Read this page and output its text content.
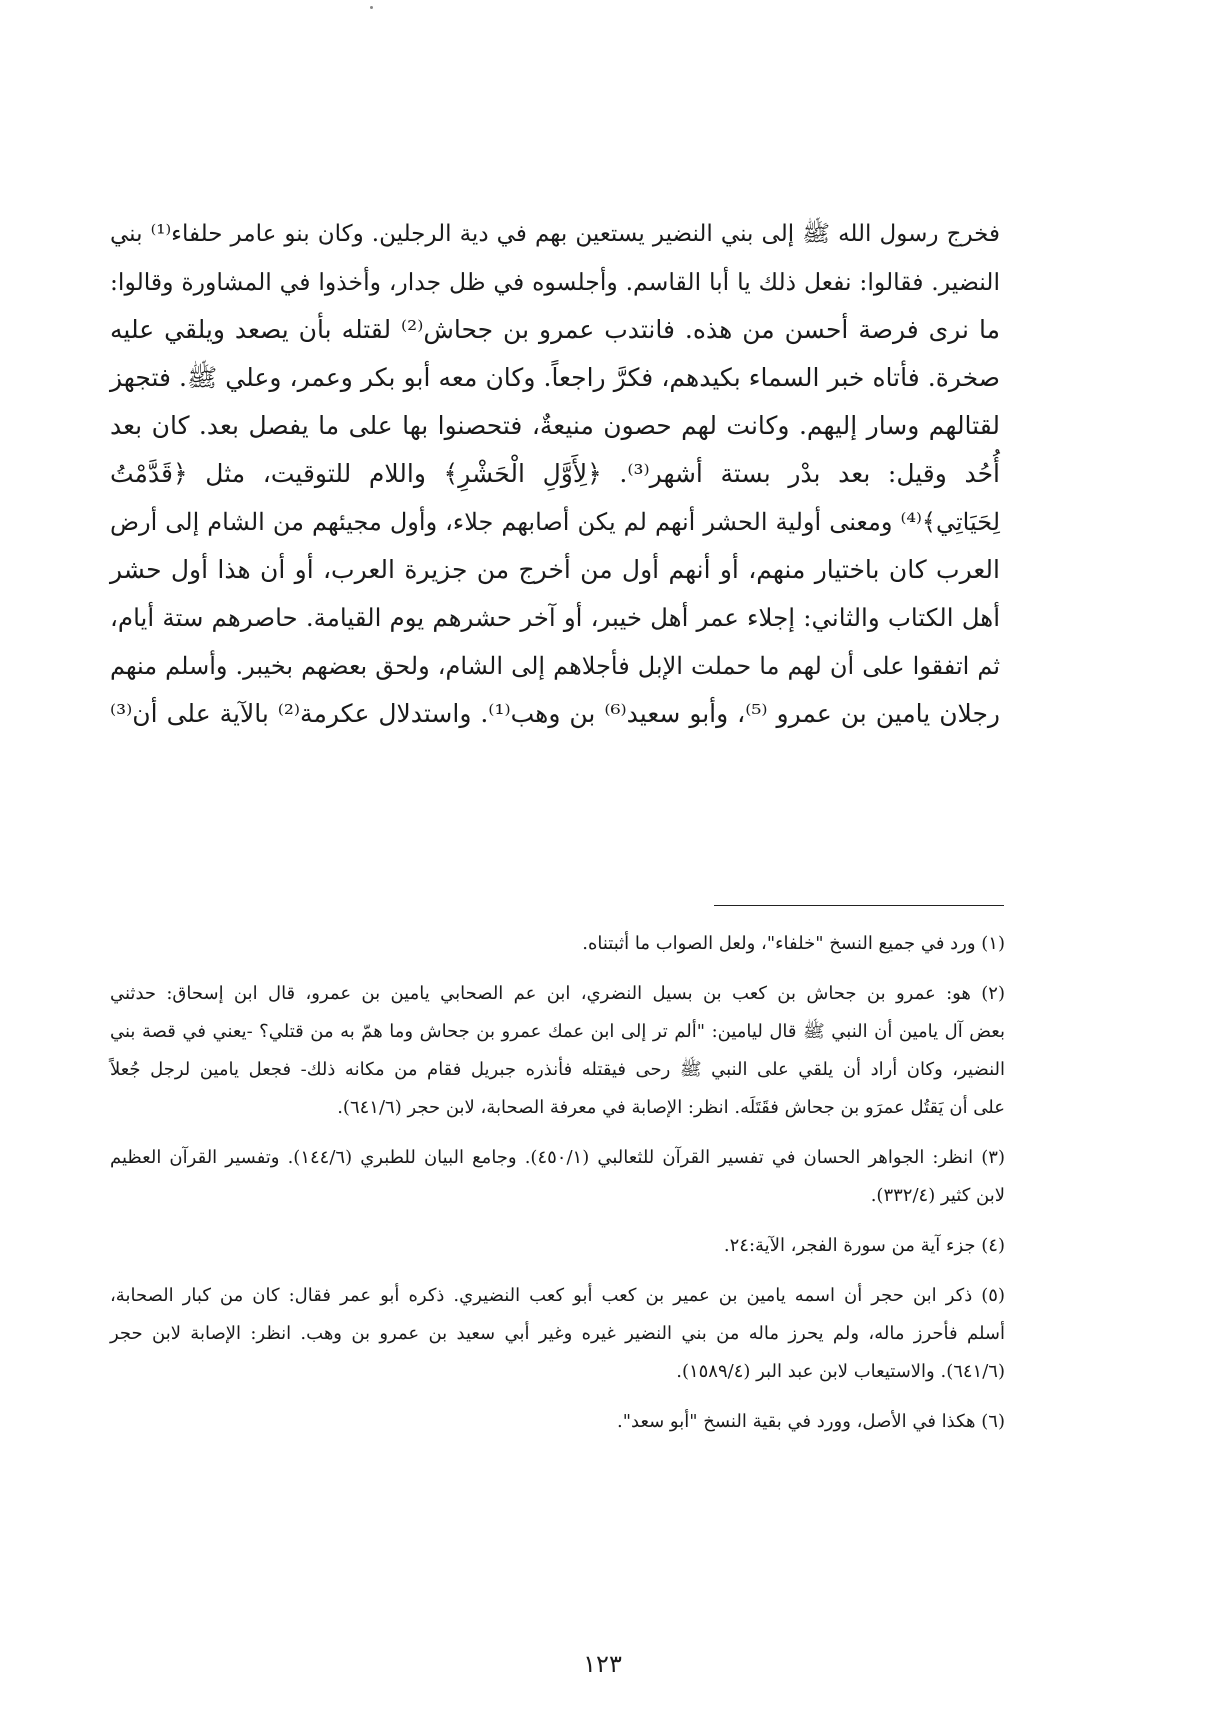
فخرج رسول الله ﷺ إلى بني النضير يستعين بهم في دية الرجلين. وكان بنو عامر حلفاء⁽¹⁾ بني
النضير. فقالوا: نفعل ذلك يا أبا القاسم. وأجلسوه في ظل جدار، وأخذوا في المشاورة وقالوا:
ما نرى فرصة أحسن من هذه. فانتدب عمرو بن جحاش⁽²⁾ لقتله بأن يصعد ويلقي عليه
صخرة. فأتاه خبر السماء بكيدهم، فكرَّ راجعاً. وكان معه أبو بكر وعمر، وعلي ﷺ. فتجهز
لقتالهم وسار إليهم. وكانت لهم حصون منيعةٌ، فتحصنوا بها على ما يفصل بعد. كان بعد
أُحُد وقيل: بعد بدْر بستة أشهر⁽³⁾. ﴿لِأَوَّلِ الْحَشْرِ﴾ واللام للتوقيت، مثل ﴿قَدَّمْتُ
لِحَيَاتِي﴾⁽⁴⁾ ومعنى أولية الحشر أنهم لم يكن أصابهم جلاء، وأول مجيئهم من الشام إلى أرض
العرب كان باختيار منهم، أو أنهم أول من أخرج من جزيرة العرب، أو أن هذا أول حشر
أهل الكتاب والثاني: إجلاء عمر أهل خيبر، أو آخر حشرهم يوم القيامة. حاصرهم ستة أيام،
ثم اتفقوا على أن لهم ما حملت الإبل فأجلاهم إلى الشام، ولحق بعضهم بخيبر. وأسلم منهم
رجلان يامين بن عمرو ⁽⁵⁾، وأبو سعيد⁽⁶⁾ بن وهب⁽¹⁾. واستدلال عكرمة⁽²⁾ بالآية على أن⁽³⁾
(١) ورد في جميع النسخ "خلفاء"، ولعل الصواب ما أثبتناه.
(٢) هو: عمرو بن جحاش بن كعب بن بسيل النضري، ابن عم الصحابي يامين بن عمرو، قال ابن إسحاق: حدثني
بعض آل يامين أن النبي ﷺ قال ليامين: "ألم تر إلى ابن عمك عمرو بن جحاش وما همّ به من قتلي؟ -يعني في قصة بني
النضير، وكان أراد أن يلقي على النبي ﷺ رحى فيقتله فأنذره جبريل فقام من مكانه ذلك- فجعل يامين لرجل جُعلاً
على أن يَقتُل عمرَو بن جحاش فقَتَلَه. انظر: الإصابة في معرفة الصحابة، لابن حجر (٦٤١/٦).
(٣) انظر: الجواهر الحسان في تفسير القرآن للثعالبي (٤٥٠/١). وجامع البيان للطبري (١٤٤/٦). وتفسير القرآن العظيم
لابن كثير (٣٣٢/٤).
(٤) جزء آية من سورة الفجر، الآية:٢٤.
(٥) ذكر ابن حجر أن اسمه يامين بن عمير بن كعب أبو كعب النضيري. ذكره أبو عمر فقال: كان من كبار الصحابة،
أسلم فأحرز ماله، ولم يحرز ماله من بني النضير غيره وغير أبي سعيد بن عمرو بن وهب. انظر: الإصابة لابن حجر
(٦٤١/٦). والاستيعاب لابن عبد البر (١٥٨٩/٤).
(٦) هكذا في الأصل، وورد في بقية النسخ "أبو سعد".
١٢٣
